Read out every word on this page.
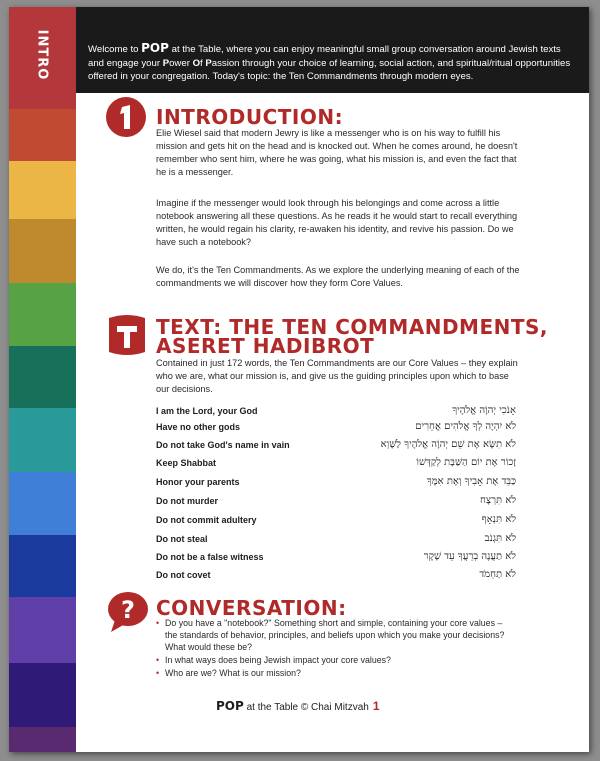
INTRO	Welcome to POP at the Table, where you can enjoy meaningful small group conversation around Jewish texts and engage your Power Of Passion through your choice of learning, social action, and spiritual/ritual opportunities offered in your congregation. Today's topic: the Ten Commandments through modern eyes.
INTRODUCTION:

Elie Wiesel said that modern Jewry is like a messenger who is on his way to fulfill his mission and gets hit on the head and is knocked out. When he comes around, he doesn't remember who sent him, where he was going, what his mission is, and even the fact that he is a messenger.

Imagine if the messenger would look through his belongings and come across a little notebook answering all these questions. As he reads it he would start to recall everything written, he would regain his clarity, re-awaken his identity, and revive his passion. Do we have such a notebook?

We do, it's the Ten Commandments. As we explore the underlying meaning of each of the commandments we will discover how they form Core Values.

TEXT: THE TEN COMMANDMENTS,
ASERET HADIBROT

Contained in just 172 words, the Ten Commandments are our Core Values – they explain who we are, what our mission is, and give us the guiding principles upon which to base our decisions.

I am the Lord, your God	אָנֹכִי יְהוָֹה אֱלֹהֶיךָ
Have no other gods	לֹא יִהְיֶה לְךָ אֱלֹהִים אֲחֵרִים
Do not take God's name in vain	לֹא תִשָּׂא אֶת שֵׁם יְהוָֹה אֱלֹהֶיךָ לַשָּׁוְא
Keep Shabbat	זָכוֹר אֶת יוֹם הַשַּׁבָּת לְקַדְּשׁוֹ
Honor your parents	כַּבֵּד אֶת אָבִיךָ וְאֶת אִמֶּךָ
Do not murder	לֹא תִּרְצָח
Do not commit adultery	לֹא תִּנְאָף
Do not steal	לֹא תִּגְנֹב
Do not be a false witness	לֹא תַעֲנֶה בְרֵעֲךָ עֵד שָׁקֶר
Do not covet	לֹא תַחְמֹד
? CONVERSATION:
• Do you have a "notebook?" Something short and simple, containing your core values – the standards of behavior, principles, and beliefs upon which you make your decisions? What would these be?
• In what ways does being Jewish impact your core values?
• Who are we? What is our mission?
POP at the Table © Chai Mitzvah 1
